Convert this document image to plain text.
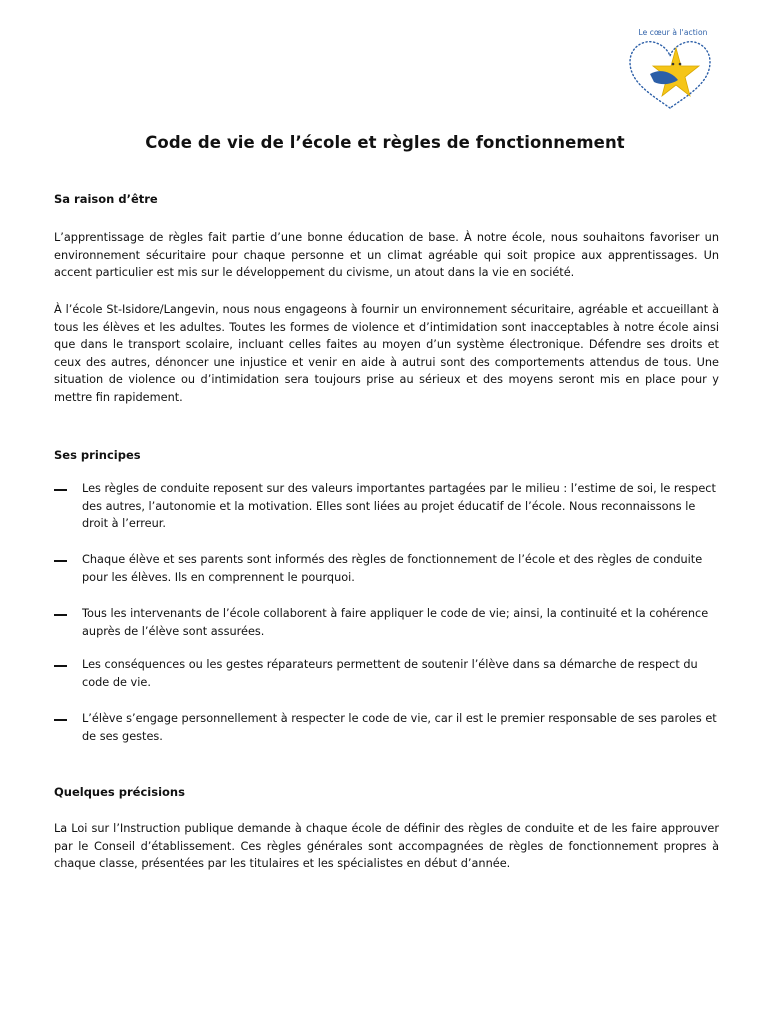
Le cœur à l'action
Code de vie de l’école et règles de fonctionnement
Sa raison d’être
L’apprentissage de règles fait partie d’une bonne éducation de base. À notre école, nous souhaitons favoriser un environnement sécuritaire pour chaque personne et un climat agréable qui soit propice aux apprentissages. Un accent particulier est mis sur le développement du civisme, un atout dans la vie en société.
À l’école St-Isidore/Langevin, nous nous engageons à fournir un environnement sécuritaire, agréable et accueillant à tous les élèves et les adultes. Toutes les formes de violence et d’intimidation sont inacceptables à notre école ainsi que dans le transport scolaire, incluant celles faites au moyen d’un système électronique. Défendre ses droits et ceux des autres, dénoncer une injustice et venir en aide à autrui sont des comportements attendus de tous. Une situation de violence ou d’intimidation sera toujours prise au sérieux et des moyens seront mis en place pour y mettre fin rapidement.
Ses principes
Les règles de conduite reposent sur des valeurs importantes partagées par le milieu : l’estime de soi, le respect des autres, l’autonomie et la motivation. Elles sont liées au projet éducatif de l’école. Nous reconnaissons le droit à l’erreur.
Chaque élève et ses parents sont informés des règles de fonctionnement de l’école et des règles de conduite pour les élèves. Ils en comprennent le pourquoi.
Tous les intervenants de l’école collaborent à faire appliquer le code de vie; ainsi, la continuité et la cohérence auprès de l’élève sont assurées.
Les conséquences ou les gestes réparateurs permettent de soutenir l’élève dans sa démarche de respect du code de vie.
L’élève s’engage personnellement à respecter le code de vie, car il est le premier responsable de ses paroles et de ses gestes.
Quelques précisions
La Loi sur l’Instruction publique demande à chaque école de définir des règles de conduite et de les faire approuver par le Conseil d’établissement. Ces règles générales sont accompagnées de règles de fonctionnement propres à chaque classe, présentées par les titulaires et les spécialistes en début d’année.
